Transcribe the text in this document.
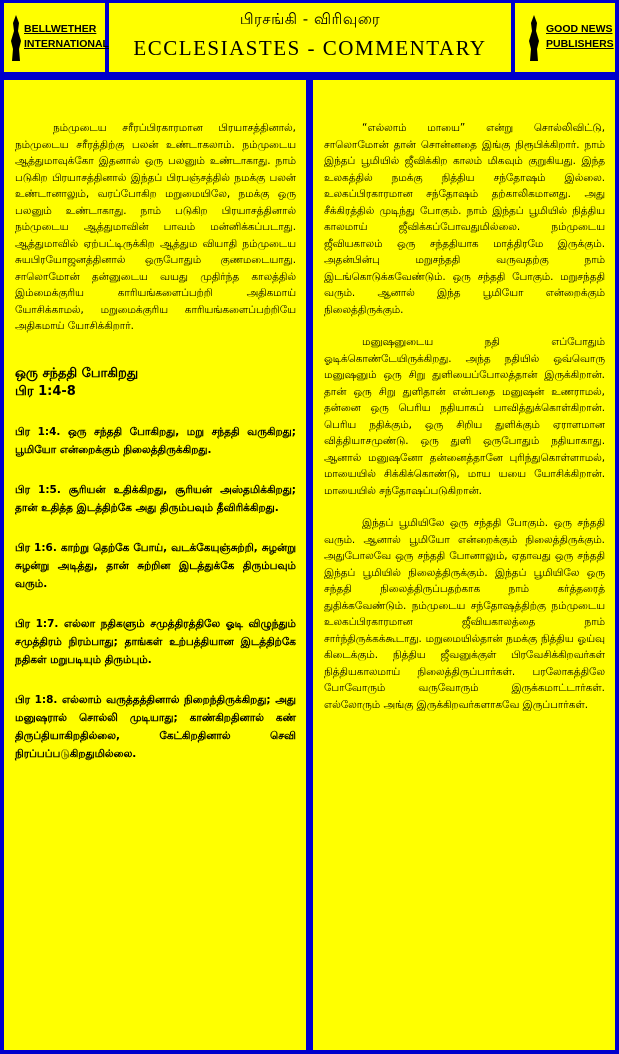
BELLWETHER
INTERNATIONAL
பிரசங்கி - விரிவுரை
ECCLESIASTES - COMMENTARY
GOOD NEWS
PUBLISHERS
நம்முடைய சரீரப்பிரகாரமான பிரயாசத்தினால், நம்முடைய சரீரத்திற்கு பலன் உண்டாகலாம். நம்முடைய ஆத்துமாவுக்கோ இதனால் ஒரு பலனும் உண்டாகாது. நாம் படுகிற பிரயாசத்தினால் இந்தப் பிரபஞ்சத்தில் நமக்கு பலன் உண்டானாலும், வரப்போகிற மறுமையிலே, நமக்கு ஒரு பலனும் உண்டாகாது. நாம் படுகிற பிரயாசத்தினால் நம்முடைய ஆத்துமாவின் பாவம் மன்னிக்கப்படாது. ஆத்துமாவில் ஏற்பட்டிருக்கிற ஆத்தும வியாதி நம்முடைய சுயபிரயோஜனத்தினால் ஒருபோதும் குணமடையாது. சாலொமோன் தன்னுடைய வயது முதிர்ந்த காலத்தில் இம்மைக்குரிய காரியங்களைப்பற்றி அதிகமாய் யோசிக்காமல், மறுமைக்குரிய காரியங்களைப்பற்றியே அதிகமாய் யோசிக்கிறார்.
ஒரு சந்ததி போகிறது
பிர 1:4-8
பிர 1:4. ஒரு சந்ததி போகிறது, மறு சந்ததி வருகிறது; பூமியோ என்றைக்கும் நிலைத்திருக்கிறது.
பிர 1:5. சூரியன் உதிக்கிறது, சூரியன் அஸ்தமிக்கிறது; தான் உதித்த இடத்திற்கே அது திரும்பவும் தீவிரிக்கிறது.
பிர 1:6. காற்று தெற்கே போய், வடக்கேயுஞ்சுற்றி, சுழன்று சுழன்று அடித்து, தான் சுற்றின இடத்துக்கே திரும்பவும் வரும்.
பிர 1:7. எல்லா நதிகளும் சமுத்திரத்திலே ஓடி விழுந்தும் சமுத்திரம் நிரம்பாது; தாங்கள் உற்பத்தியான இடத்திற்கே நதிகள் மறுபடியும் திரும்பும்.
பிர 1:8. எல்லாம் வருத்தத்தினால் நிறைந்திருக்கிறது; அது மனுஷரால் சொல்லி முடியாது; காண்கிறதினால் கண் திருப்தியாகிறதில்லை, கேட்கிறதினால் செவி நிரப்பப்படுகிறதுமில்லை.
“எல்லாம் மாயை” என்று சொல்லிவிட்டு, சாலொமோன் தான் சொன்னதை இங்கு நிரூபிக்கிறார். நாம் இந்தப் பூமியில் ஜீவிக்கிற காலம் மிகவும் குறுகியது. இந்த உலகத்தில் நமக்கு நித்திய சந்தோஷம் இல்லை. உலகப்பிரகாரமான சந்தோஷம் தற்காலிகமானது. அது சீக்கிரத்தில் முடிந்து போகும். நாம் இந்தப் பூமியில் நித்திய காலமாய் ஜீவிக்கப்போவதுமில்லை. நம்முடைய ஜீவியகாலம் ஒரு சந்ததியாக மாத்திரமே இருக்கும். அதன்பின்பு மறுசந்ததி வருவதற்கு நாம் இடங்கொடுக்கவேண்டும். ஒரு சந்ததி போகும். மறுசந்ததி வரும். ஆனால் இந்த பூமியோ என்றைக்கும் நிலைத்திருக்கும்.
மனுஷனுடைய நதி எப்போதும் ஓடிக்கொண்டேயிருக்கிறது. அந்த நதியில் ஒவ்வொரு மனுஷனும் ஒரு சிறு துளியைப்போலத்தான் இருக்கிறான். தான் ஒரு சிறு துளிதான் என்பதை மனுஷன் உணராமல், தன்னை ஒரு பெரிய நதியாகப் பாவித்துக்கொள்கிறான். பெரிய நதிக்கும், ஒரு சிறிய துளிக்கும் ஏராளமான வித்தியாசமுண்டு. ஒரு துளி ஒருபோதும் நதியாகாது. ஆனால் மனுஷனோ தன்னைத்தானே புரிந்துகொள்ளாமல், மாயையில் சிக்கிக்கொண்டு, மாய யயை யோசிக்கிறான். மாயையில் சந்தோஷப்படுகிறான்.
இந்தப் பூமியிலே ஒரு சந்ததி போகும். ஒரு சந்ததி வரும். ஆனால் பூமியோ என்றைக்கும் நிலைத்திருக்கும். அதுபோலவே ஒரு சந்ததி போனாலும், ஏதாவது ஒரு சந்ததி இந்தப் பூமியில் நிலைத்திருக்கும். இந்தப் பூமியிலே ஒரு சந்ததி நிலைத்திருப்பதற்காக நாம் கர்த்தரைத் துதிக்கவேண்டும். நம்முடைய சந்தோஷத்திற்கு நம்முடைய உலகப்பிரகாரமான ஜீவியகாலத்தை நாம் சார்ந்திருக்கக்கூடாது. மறுமையில்தான் நமக்கு நித்திய ஓய்வு கிடைக்கும். நித்திய ஜீவனுக்குள் பிரவேசிக்கிறவர்கள் நித்தியகாலமாய் நிலைத்திருப்பார்கள். பரலோகத்திலே போவோரும் வருவோரும் இருக்கமாட்டார்கள். எல்லோரும் அங்கு இருக்கிறவர்களாகவே இருப்பார்கள்.
